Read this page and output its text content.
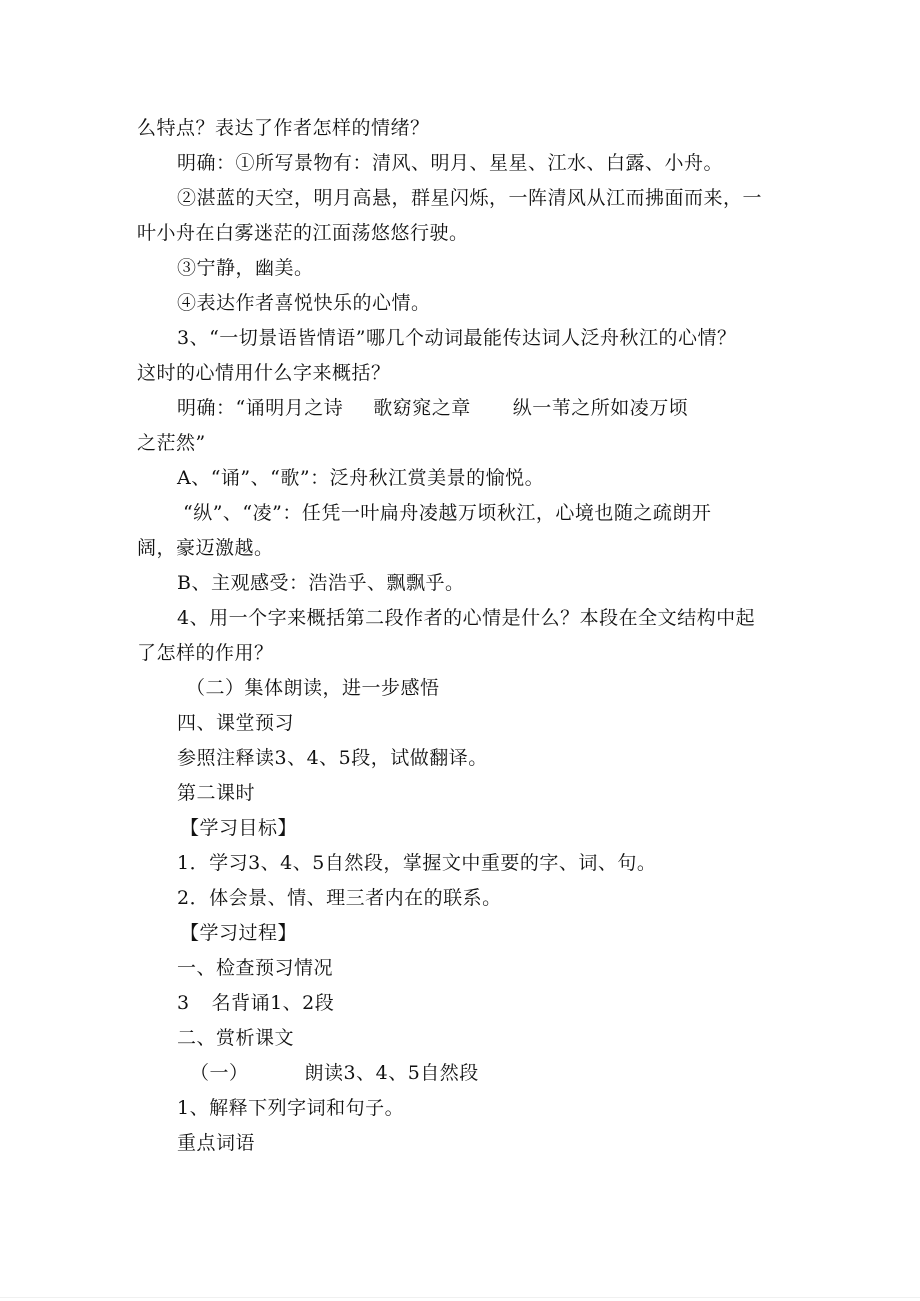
么特点？表达了作者怎样的情绪？
明确：①所写景物有：清风、明月、星星、江水、白露、小舟。
②湛蓝的天空，明月高悬，群星闪烁，一阵清风从江而拂面而来，一
叶小舟在白雾迷茫的江面荡悠悠行驶。
③宁静，幽美。
④表达作者喜悦快乐的心情。
3、“一切景语皆情语”哪几个动词最能传达词人泛舟秋江的心情？
这时的心情用什么字来概括？
明确：“诵明月之诗 歌窈窕之章 纵一苇之所如凌万顷
之茫然”
A、“诵”、“歌”：泛舟秋江赏美景的愉悦。
“纵”、“凌”：任凭一叶扁舟凌越万顷秋江，心境也随之疏朗开
阔，豪迈激越。
B、主观感受：浩浩乎、飘飘乎。
4、用一个字来概括第二段作者的心情是什么？本段在全文结构中起
了怎样的作用？
（二）集体朗读，进一步感悟
四、课堂预习
参照注释读3、4、5段，试做翻译。
第二课时
【学习目标】
1．学习3、4、5自然段，掌握文中重要的字、词、句。
2．体会景、情、理三者内在的联系。
【学习过程】
一、检查预习情况
3 名背诵1、2段
二、赏析课文
（一）	朗读3、4、5自然段
1、解释下列字词和句子。
重点词语
